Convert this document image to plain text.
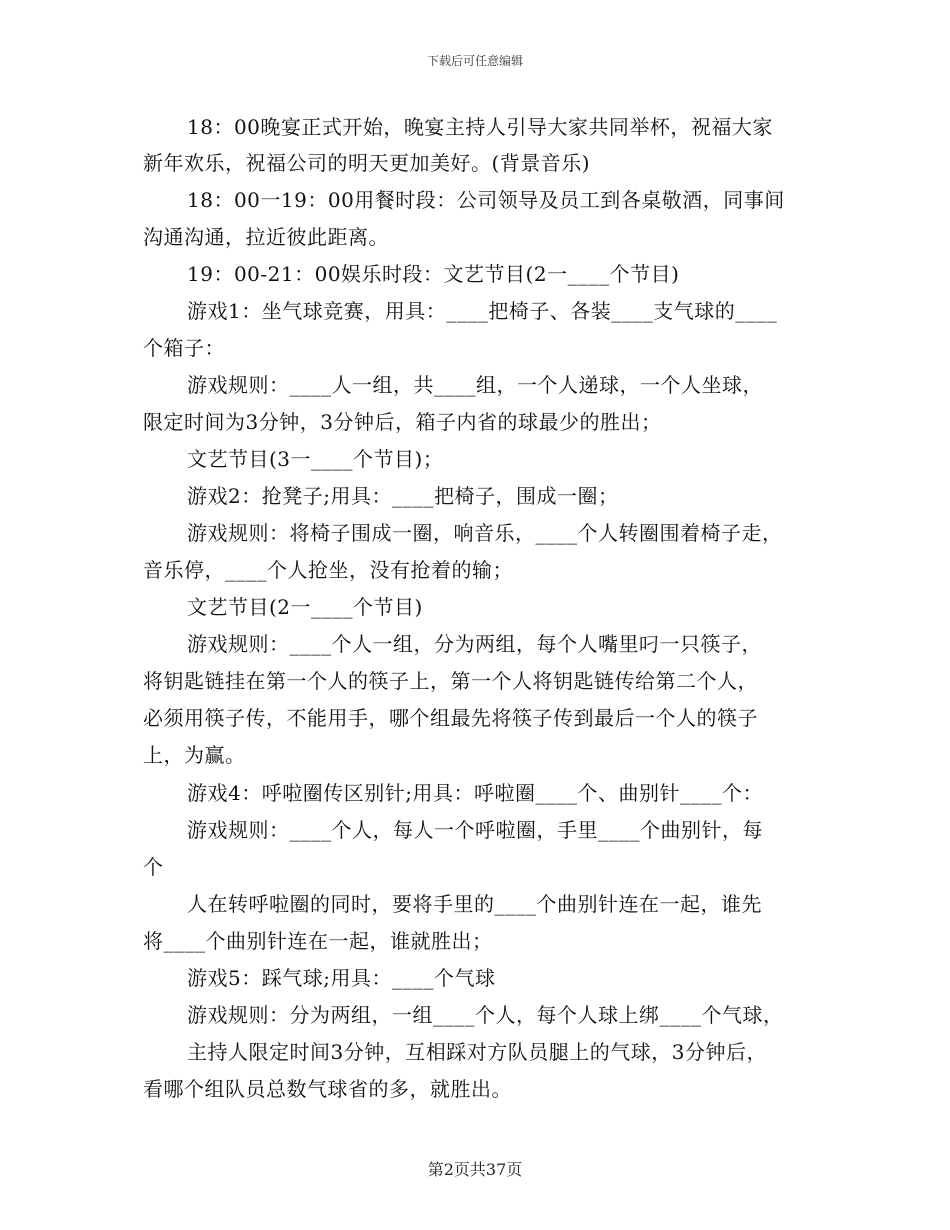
下载后可任意编辑
18：00晚宴正式开始，晚宴主持人引导大家共同举杯，祝福大家
新年欢乐，祝福公司的明天更加美好。(背景音乐)
18：00一19：00用餐时段：公司领导及员工到各桌敬酒，同事间
沟通沟通，拉近彼此距离。
19：00-21：00娱乐时段：文艺节目(2一____个节目)
游戏1：坐气球竞赛，用具：____把椅子、各装____支气球的____
个箱子：
游戏规则：____人一组，共____组，一个人递球，一个人坐球，
限定时间为3分钟，3分钟后，箱子内省的球最少的胜出；
文艺节目(3一____个节目)；
游戏2：抢凳子;用具：____把椅子，围成一圈；
游戏规则：将椅子围成一圈，响音乐，____个人转圈围着椅子走，
音乐停，____个人抢坐，没有抢着的输；
文艺节目(2一____个节目)
游戏规则：____个人一组，分为两组，每个人嘴里叼一只筷子，
将钥匙链挂在第一个人的筷子上，第一个人将钥匙链传给第二个人，
必须用筷子传，不能用手，哪个组最先将筷子传到最后一个人的筷子
上，为赢。
游戏4：呼啦圈传区别针;用具：呼啦圈____个、曲别针____个：
游戏规则：____个人，每人一个呼啦圈，手里____个曲别针，每
个
人在转呼啦圈的同时，要将手里的____个曲别针连在一起，谁先
将____个曲别针连在一起，谁就胜出；
游戏5：踩气球;用具：____个气球
游戏规则：分为两组，一组____个人，每个人球上绑____个气球，
主持人限定时间3分钟，互相踩对方队员腿上的气球，3分钟后，
看哪个组队员总数气球省的多，就胜出。
第2页共37页
